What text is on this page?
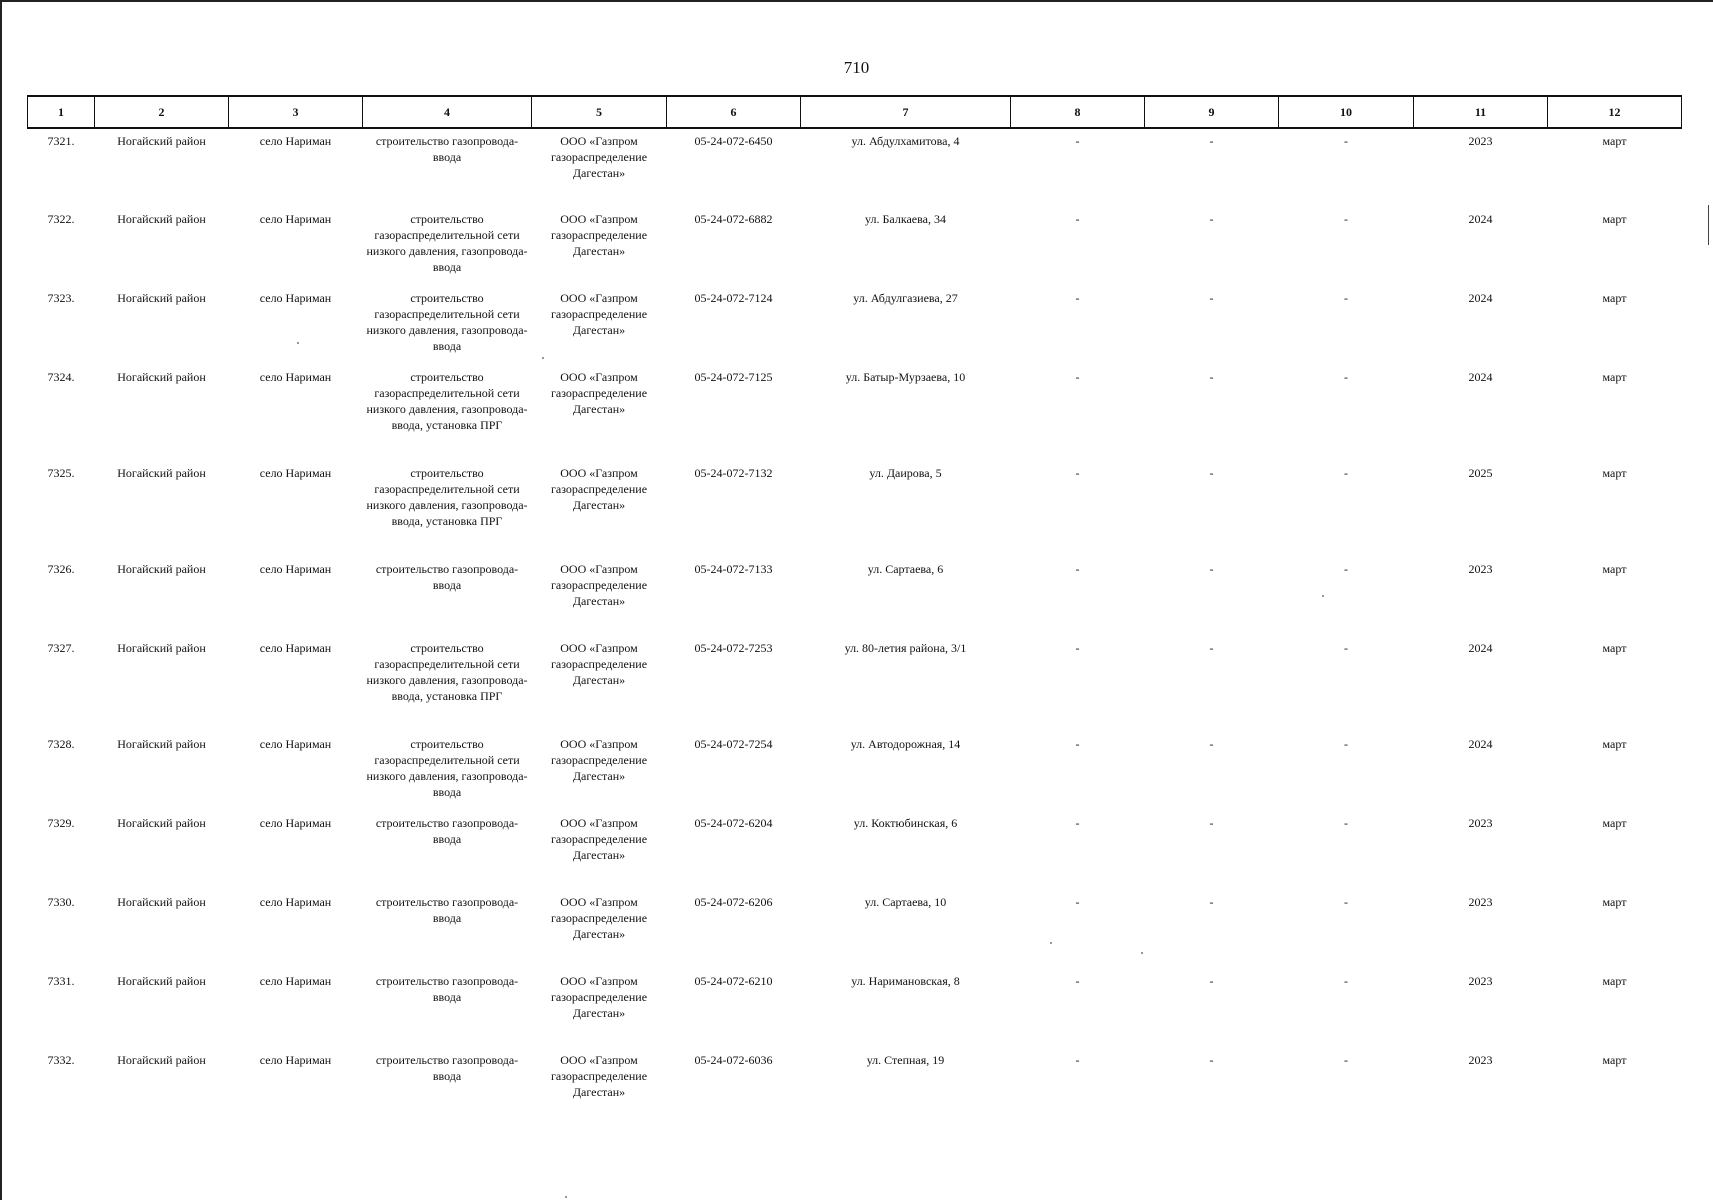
710
1	2	3	4	5	6	7	8	9	10	11	12
7321.	Ногайский район	село Нариман	строительство газопровода-ввода	ООО «Газпром газораспределение Дагестан»	05-24-072-6450	ул. Абдулхамитова, 4	-	-	-	2023	март
7322.	Ногайский район	село Нариман	строительство газораспределительной сети низкого давления, газопровода-ввода	ООО «Газпром газораспределение Дагестан»	05-24-072-6882	ул. Балкаева, 34	-	-	-	2024	март
7323.	Ногайский район	село Нариман	строительство газораспределительной сети низкого давления, газопровода-ввода	ООО «Газпром газораспределение Дагестан»	05-24-072-7124	ул. Абдулгазиева, 27	-	-	-	2024	март
7324.	Ногайский район	село Нариман	строительство газораспределительной сети низкого давления, газопровода-ввода, установка ПРГ	ООО «Газпром газораспределение Дагестан»	05-24-072-7125	ул. Батыр-Мурзаева, 10	-	-	-	2024	март
7325.	Ногайский район	село Нариман	строительство газораспределительной сети низкого давления, газопровода-ввода, установка ПРГ	ООО «Газпром газораспределение Дагестан»	05-24-072-7132	ул. Даирова, 5	-	-	-	2025	март
7326.	Ногайский район	село Нариман	строительство газопровода-ввода	ООО «Газпром газораспределение Дагестан»	05-24-072-7133	ул. Сартаева, 6	-	-	-	2023	март
7327.	Ногайский район	село Нариман	строительство газораспределительной сети низкого давления, газопровода-ввода, установка ПРГ	ООО «Газпром газораспределение Дагестан»	05-24-072-7253	ул. 80-летия района, 3/1	-	-	-	2024	март
7328.	Ногайский район	село Нариман	строительство газораспределительной сети низкого давления, газопровода-ввода	ООО «Газпром газораспределение Дагестан»	05-24-072-7254	ул. Автодорожная, 14	-	-	-	2024	март
7329.	Ногайский район	село Нариман	строительство газопровода-ввода	ООО «Газпром газораспределение Дагестан»	05-24-072-6204	ул. Коктюбинская, 6	-	-	-	2023	март
7330.	Ногайский район	село Нариман	строительство газопровода-ввода	ООО «Газпром газораспределение Дагестан»	05-24-072-6206	ул. Сартаева, 10	-	-	-	2023	март
7331.	Ногайский район	село Нариман	строительство газопровода-ввода	ООО «Газпром газораспределение Дагестан»	05-24-072-6210	ул. Наримановская, 8	-	-	-	2023	март
7332.	Ногайский район	село Нариман	строительство газопровода-ввода	ООО «Газпром газораспределение Дагестан»	05-24-072-6036	ул. Степная, 19	-	-	-	2023	март
